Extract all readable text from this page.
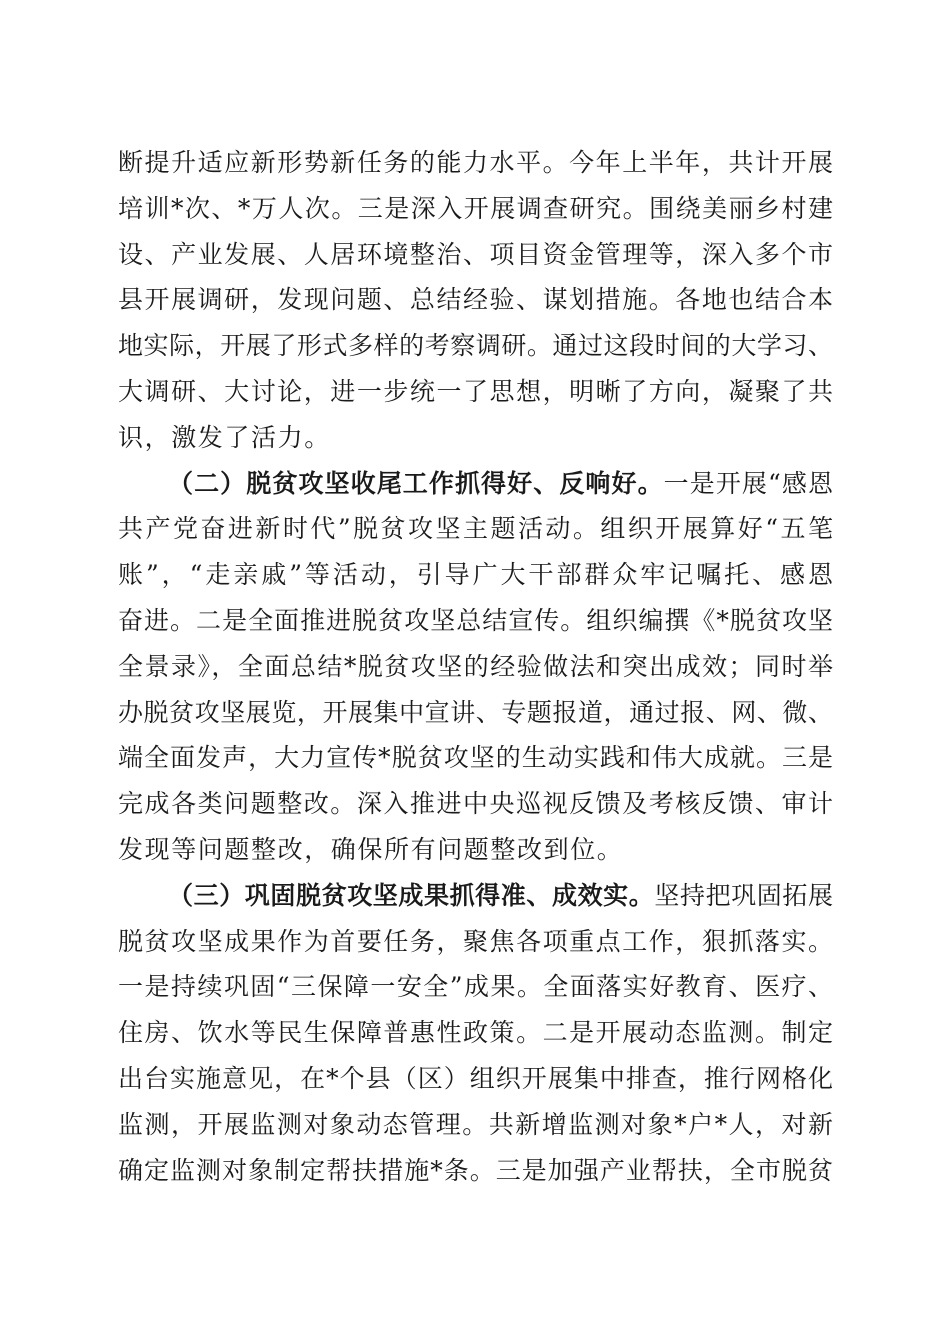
断提升适应新形势新任务的能力水平。今年上半年，共计开展
培训*次、*万人次。三是深入开展调查研究。围绕美丽乡村建
设、产业发展、人居环境整治、项目资金管理等，深入多个市
县开展调研，发现问题、总结经验、谋划措施。各地也结合本
地实际，开展了形式多样的考察调研。通过这段时间的大学习、
大调研、大讨论，进一步统一了思想，明晰了方向，凝聚了共
识，激发了活力。
（二）脱贫攻坚收尾工作抓得好、反响好。一是开展“感恩
共产党奋进新时代”脱贫攻坚主题活动。组织开展算好“五笔
账”，“走亲戚”等活动，引导广大干部群众牢记嘱托、感恩
奋进。二是全面推进脱贫攻坚总结宣传。组织编撰《*脱贫攻坚
全景录》，全面总结*脱贫攻坚的经验做法和突出成效；同时举
办脱贫攻坚展览，开展集中宣讲、专题报道，通过报、网、微、
端全面发声，大力宣传*脱贫攻坚的生动实践和伟大成就。三是
完成各类问题整改。深入推进中央巡视反馈及考核反馈、审计
发现等问题整改，确保所有问题整改到位。
（三）巩固脱贫攻坚成果抓得准、成效实。坚持把巩固拓展
脱贫攻坚成果作为首要任务，聚焦各项重点工作，狠抓落实。
一是持续巩固“三保障一安全”成果。全面落实好教育、医疗、
住房、饮水等民生保障普惠性政策。二是开展动态监测。制定
出台实施意见，在*个县（区）组织开展集中排查，推行网格化
监测，开展监测对象动态管理。共新增监测对象*户*人，对新
确定监测对象制定帮扶措施*条。三是加强产业帮扶，全市脱贫
